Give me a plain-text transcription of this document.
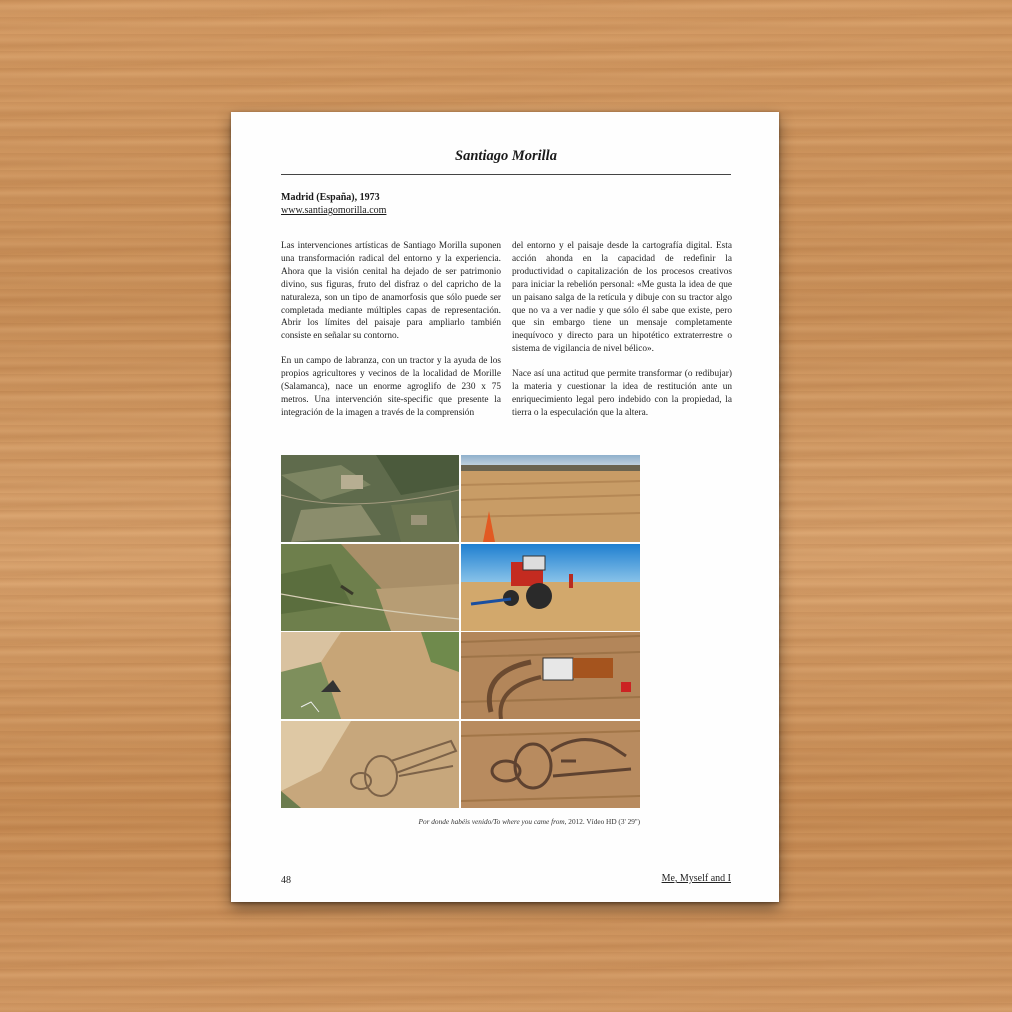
Santiago Morilla
Madrid (España), 1973
www.santiagomorilla.com

Las intervenciones artísticas de Santiago Morilla suponen una transformación radical del entorno y la experiencia. Ahora que la visión cenital ha dejado de ser patrimonio divino, sus figuras, fruto del disfraz o del capricho de la naturaleza, son un tipo de anamorfosis que sólo puede ser completada mediante múltiples capas de representación. Abrir los límites del paisaje para ampliarlo también consiste en señalar su contorno.

En un campo de labranza, con un tractor y la ayuda de los propios agricultores y vecinos de la localidad de Morille (Salamanca), nace un enorme agroglifo de 230 x 75 metros. Una intervención site-specific que presente la integración de la imagen a través de la comprensión

del entorno y el paisaje desde la cartografía digital. Esta acción ahonda en la capacidad de redefinir la productividad o capitalización de los procesos creativos para iniciar la rebelión personal: «Me gusta la idea de que un paisano salga de la retícula y dibuje con su tractor algo que no va a ver nadie y que sólo él sabe que existe, pero que sin embargo tiene un mensaje completamente inequívoco y directo para un hipotético extraterrestre o sistema de vigilancia de nivel bélico».

Nace así una actitud que permite transformar (o redibujar) la materia y cuestionar la idea de restitución ante un enriquecimiento legal pero indebido con la propiedad, la tierra o la especulación que la altera.

Por donde habéis venido/To where you came from, 2012. Vídeo HD (3' 29'')
48	Me, Myself and I
